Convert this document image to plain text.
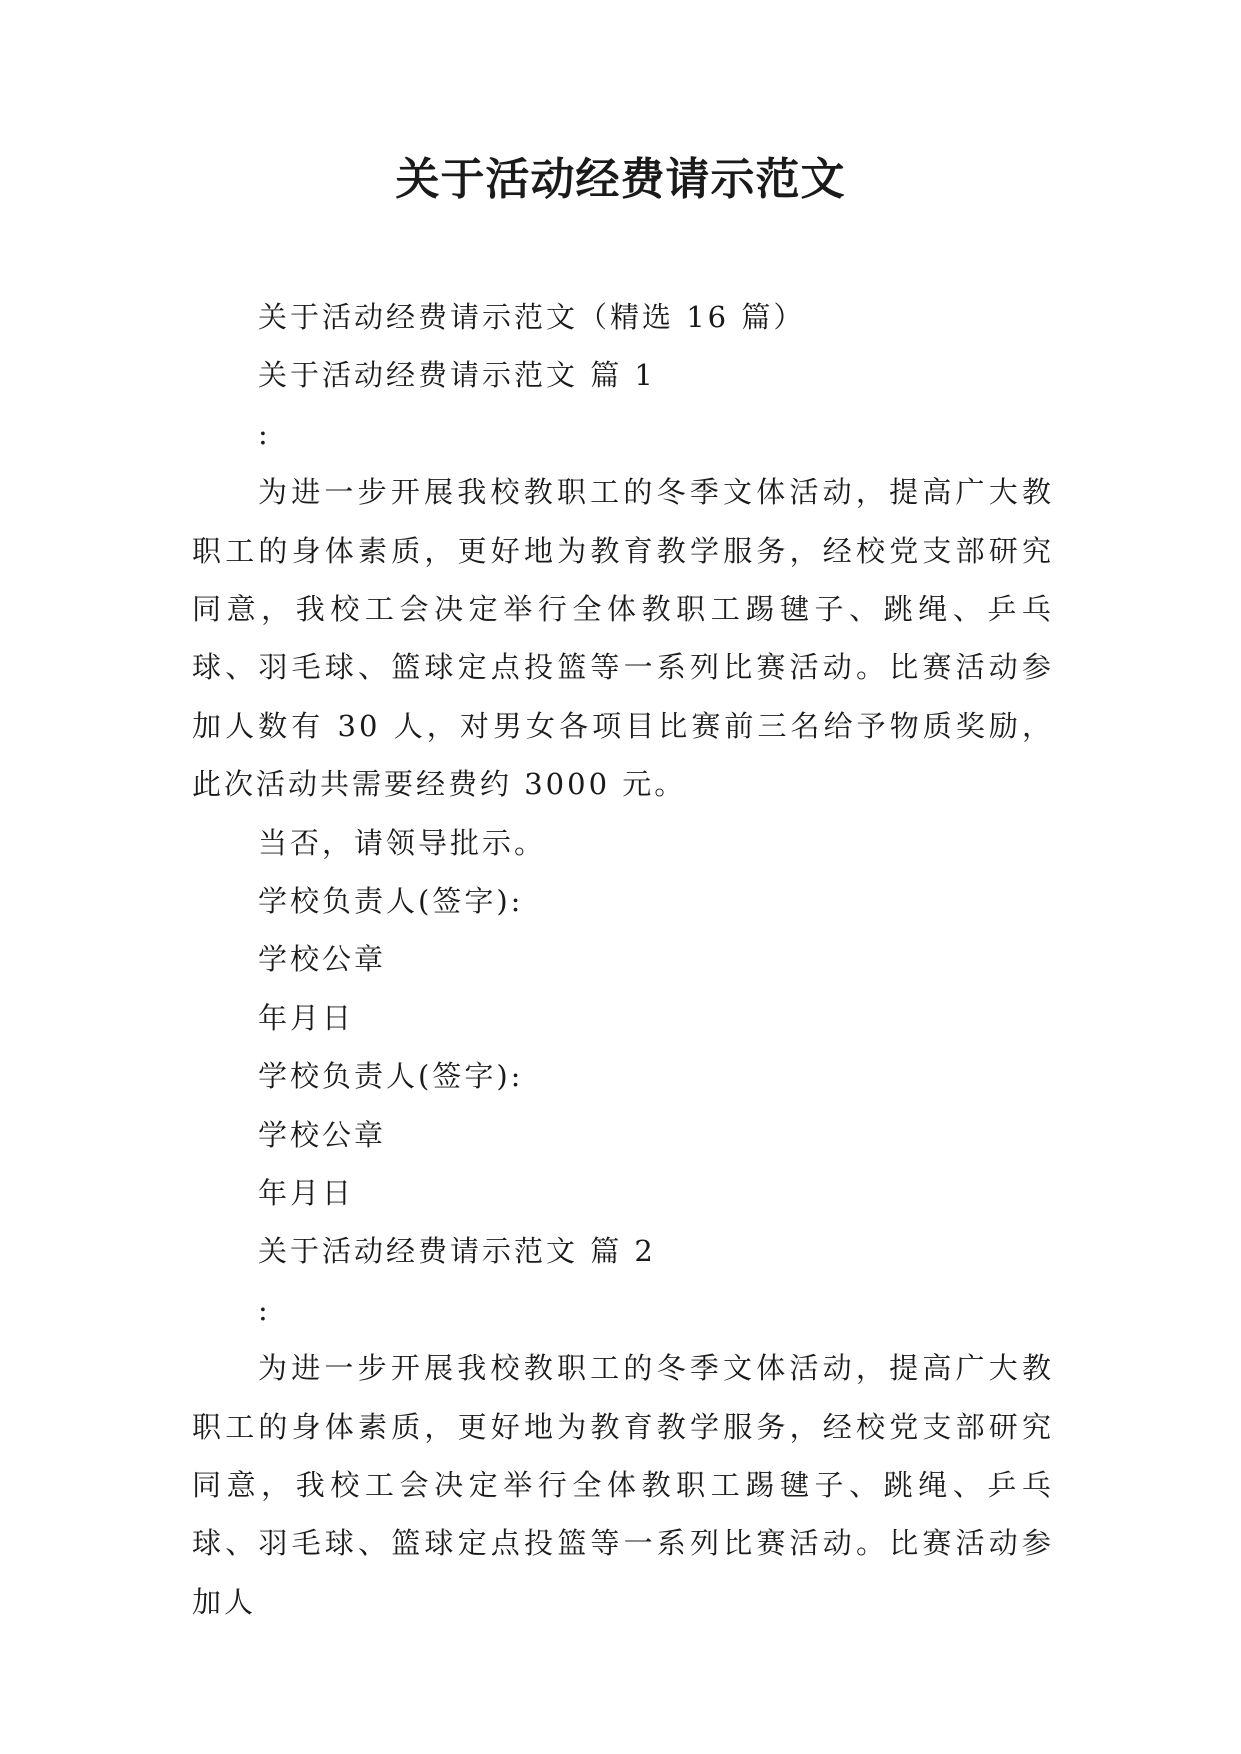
关于活动经费请示范文
关于活动经费请示范文（精选 16 篇）
关于活动经费请示范文 篇 1
:
为进一步开展我校教职工的冬季文体活动，提高广大教职工的身体素质，更好地为教育教学服务，经校党支部研究同意，我校工会决定举行全体教职工踢毽子、跳绳、乒乓球、羽毛球、篮球定点投篮等一系列比赛活动。比赛活动参加人数有 30 人，对男女各项目比赛前三名给予物质奖励，此次活动共需要经费约 3000 元。
当否，请领导批示。
学校负责人(签字):
学校公章
年月日
学校负责人(签字):
学校公章
年月日
关于活动经费请示范文 篇 2
:
为进一步开展我校教职工的冬季文体活动，提高广大教职工的身体素质，更好地为教育教学服务，经校党支部研究同意，我校工会决定举行全体教职工踢毽子、跳绳、乒乓球、羽毛球、篮球定点投篮等一系列比赛活动。比赛活动参加人
